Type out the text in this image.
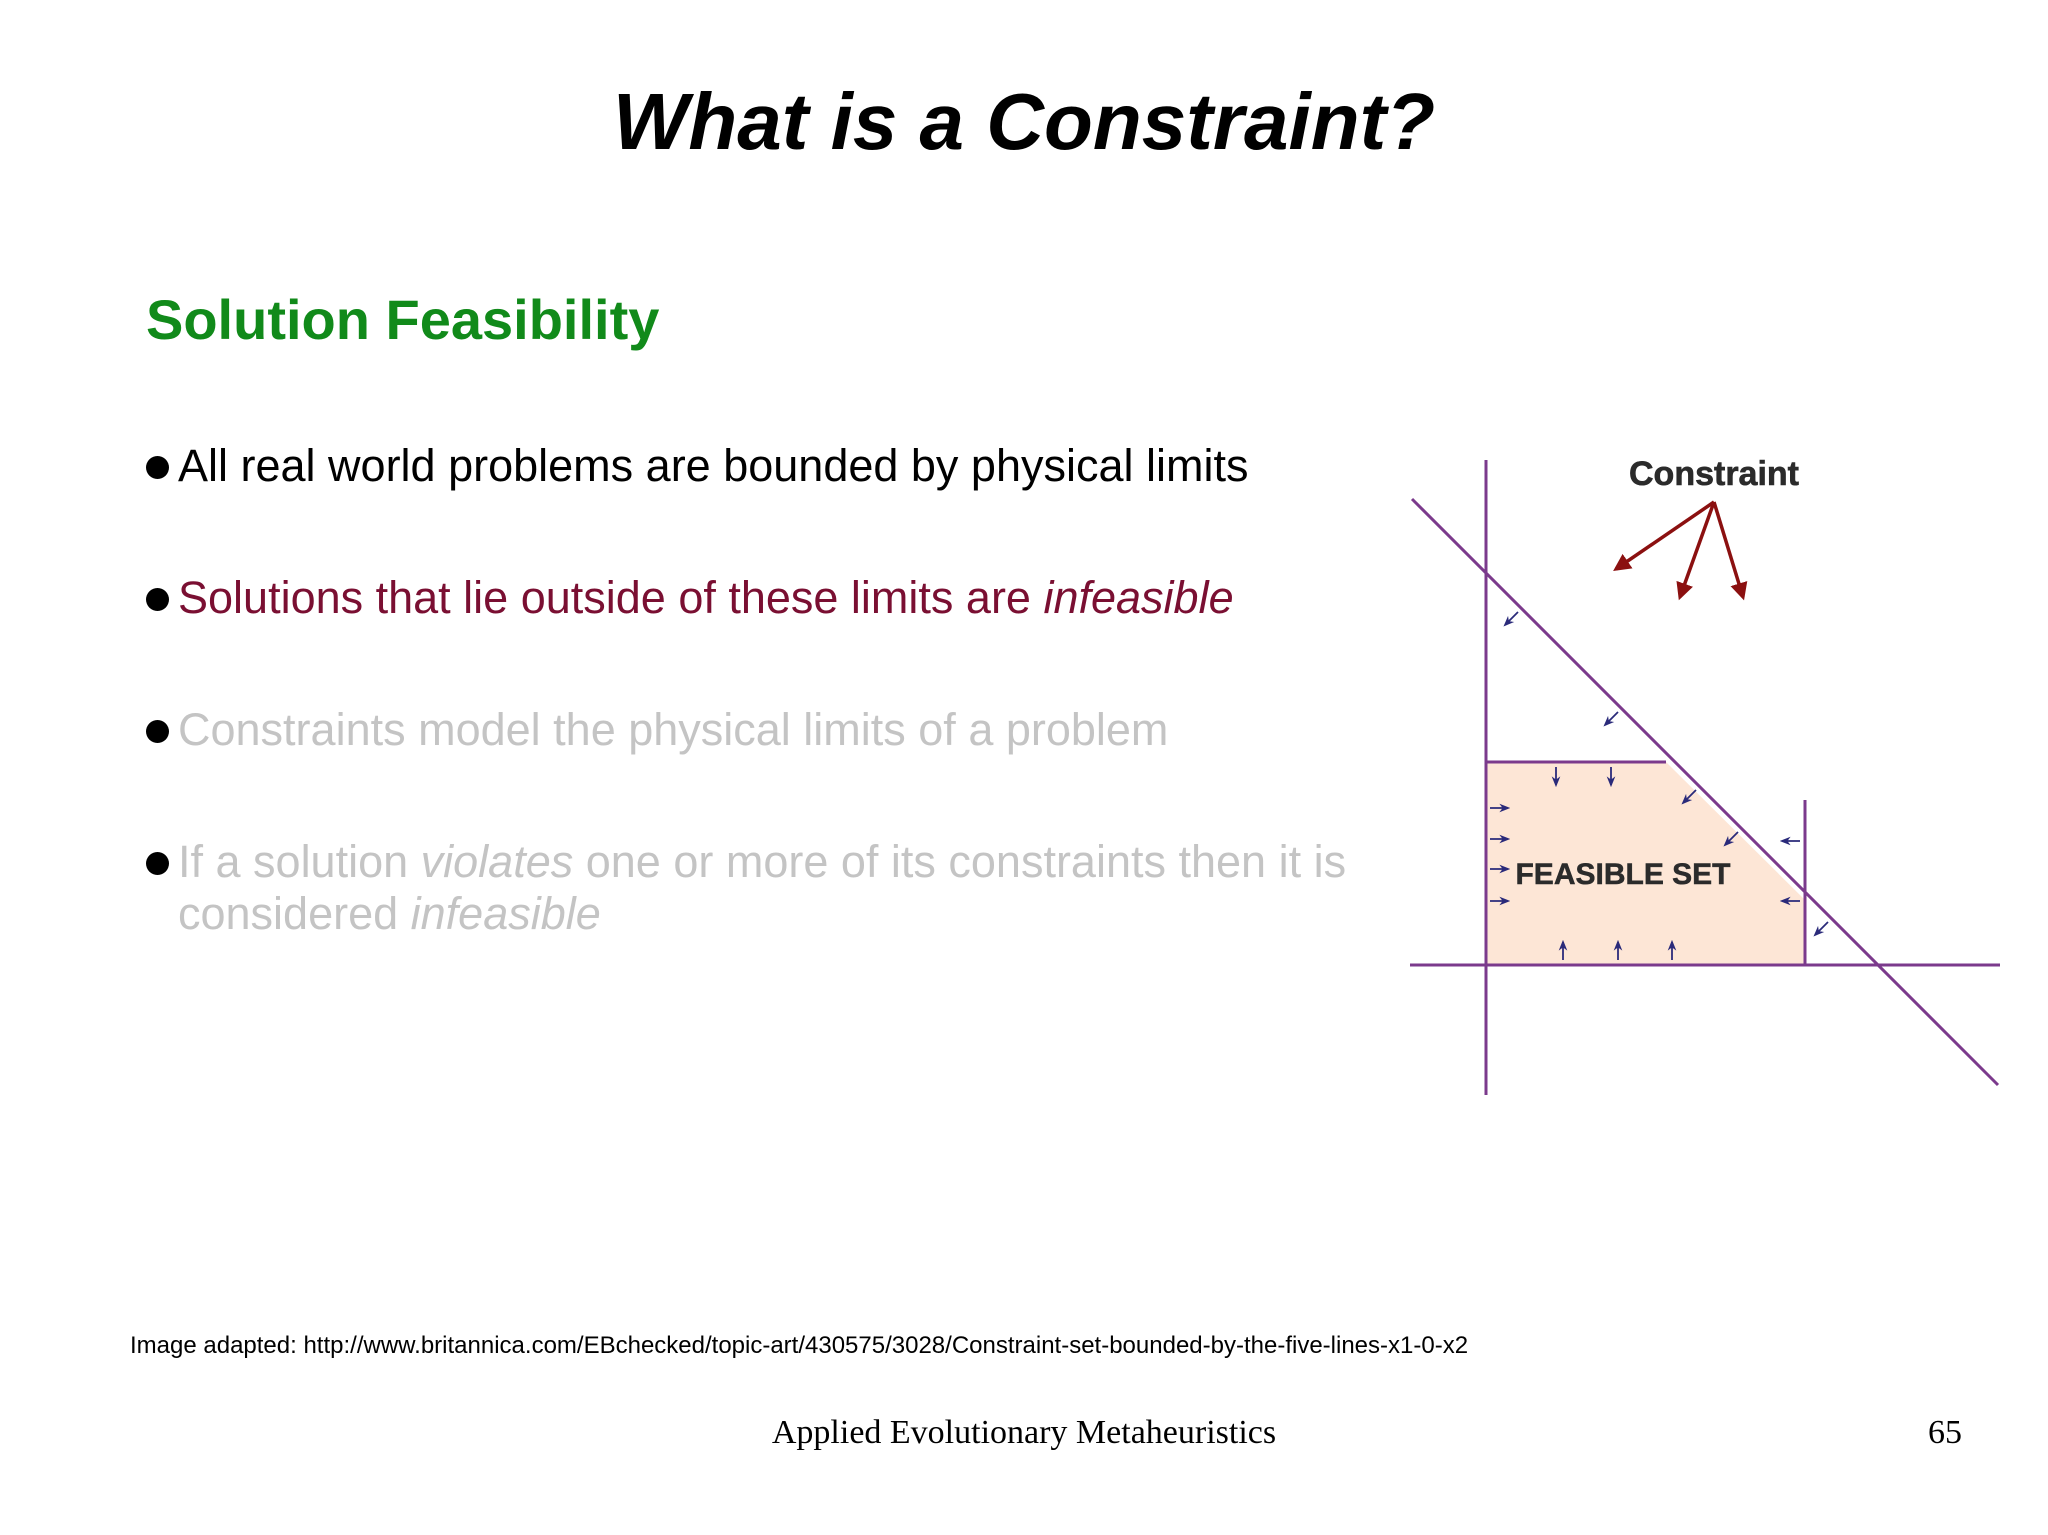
What is a Constraint?
Solution Feasibility
All real world problems are bounded by physical limits
Solutions that lie outside of these limits are infeasible
Constraints model the physical limits of a problem
If a solution violates one or more of its constraints then it is considered infeasible
Constraint
FEASIBLE SET
Image adapted: http://www.britannica.com/EBchecked/topic-art/430575/3028/Constraint-set-bounded-by-the-five-lines-x1-0-x2
Applied Evolutionary Metaheuristics	65
